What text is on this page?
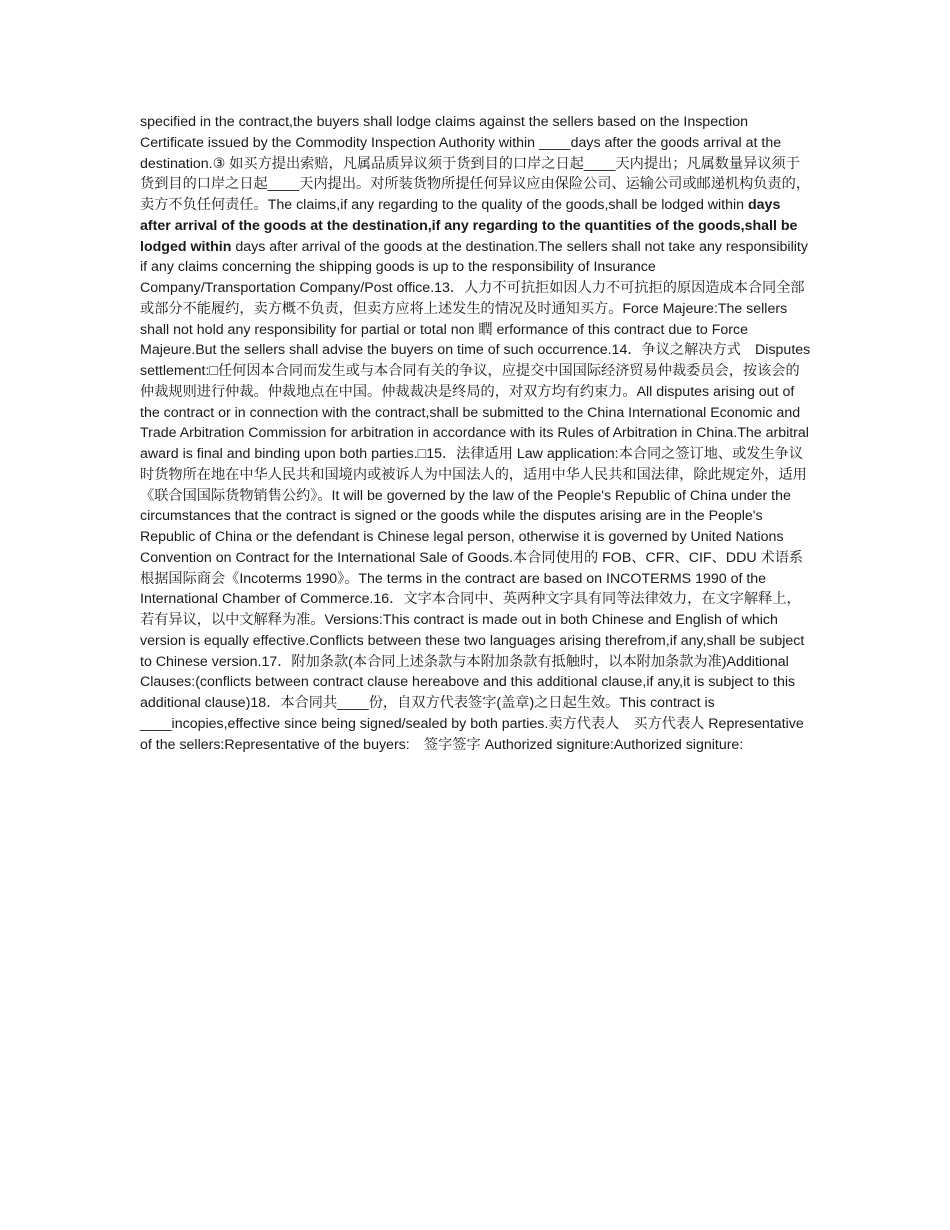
specified in the contract,the buyers shall lodge claims against the sellers based on the Inspection Certificate issued by the Commodity Inspection Authority within ____days after the goods arrival at the destination.③ 如买方提出索赔，凡属品质异议须于货到目的口岸之日起____天内提出；凡属数量异议须于货到目的口岸之日起____天内提出。对所装货物所提任何异议应由保险公司、运输公司或邮递机构负责的，卖方不负任何责任。The claims,if any regarding to the quality of the goods,shall be lodged within days after arrival of the goods at the destination,if any regarding to the quantities of the goods,shall be lodged within days after arrival of the goods at the destination.The sellers shall not take any responsibility if any claims concerning the shipping goods is up to the responsibility of Insurance Company/Transportation Company/Post office.13．人力不可抗拒如因人力不可抗拒的原因造成本合同全部或部分不能履约，卖方概不负责，但卖方应将上述发生的情况及时通知买方。Force Majeure:The sellers shall not hold any responsibility for partial or total non 瞤 erformance of this contract due to Force Majeure.But the sellers shall advise the buyers on time of such occurrence.14．争议之解决方式　Disputes settlement:□任何因本合同而发生或与本合同有关的争议，应提交中国国际经济贸易仲裁委员会，按该会的仲裁规则进行仲裁。仲裁地点在中国。仲裁裁决是终局的，对双方均有约束力。All disputes arising out of the contract or in connection with the contract,shall be submitted to the China International Economic and Trade Arbitration Commission for arbitration in accordance with its Rules of Arbitration in China.The arbitral award is final and binding upon both parties.□15．法律适用 Law application:本合同之签订地、或发生争议时货物所在地在中华人民共和国境内或被诉人为中国法人的，适用中华人民共和国法律，除此规定外，适用《联合国国际货物销售公约》。It will be governed by the law of the People's Republic of China under the circumstances that the contract is signed or the goods while the disputes arising are in the People's Republic of China or the defendant is Chinese legal person, otherwise it is governed by United Nations Convention on Contract for the International Sale of Goods.本合同使用的 FOB、CFR、CIF、DDU 术语系根据国际商会《Incoterms 1990》。The terms in the contract are based on INCOTERMS 1990 of the International Chamber of Commerce.16．文字本合同中、英两种文字具有同等法律效力，在文字解释上，若有异议，以中文解释为准。Versions:This contract is made out in both Chinese and English of which version is equally effective.Conflicts between these two languages arising therefrom,if any,shall be subject to Chinese version.17．附加条款(本合同上述条款与本附加条款有抵触时，以本附加条款为准)Additional Clauses:(conflicts between contract clause hereabove and this additional clause,if any,it is subject to this additional clause)18．本合同共____份，自双方代表签字(盖章)之日起生效。This contract is ____incopies,effective since being signed/sealed by both parties.卖方代表人　买方代表人 Representative of the sellers:Representative of the buyers:　签字签字 Authorized signiture:Authorized signiture:
